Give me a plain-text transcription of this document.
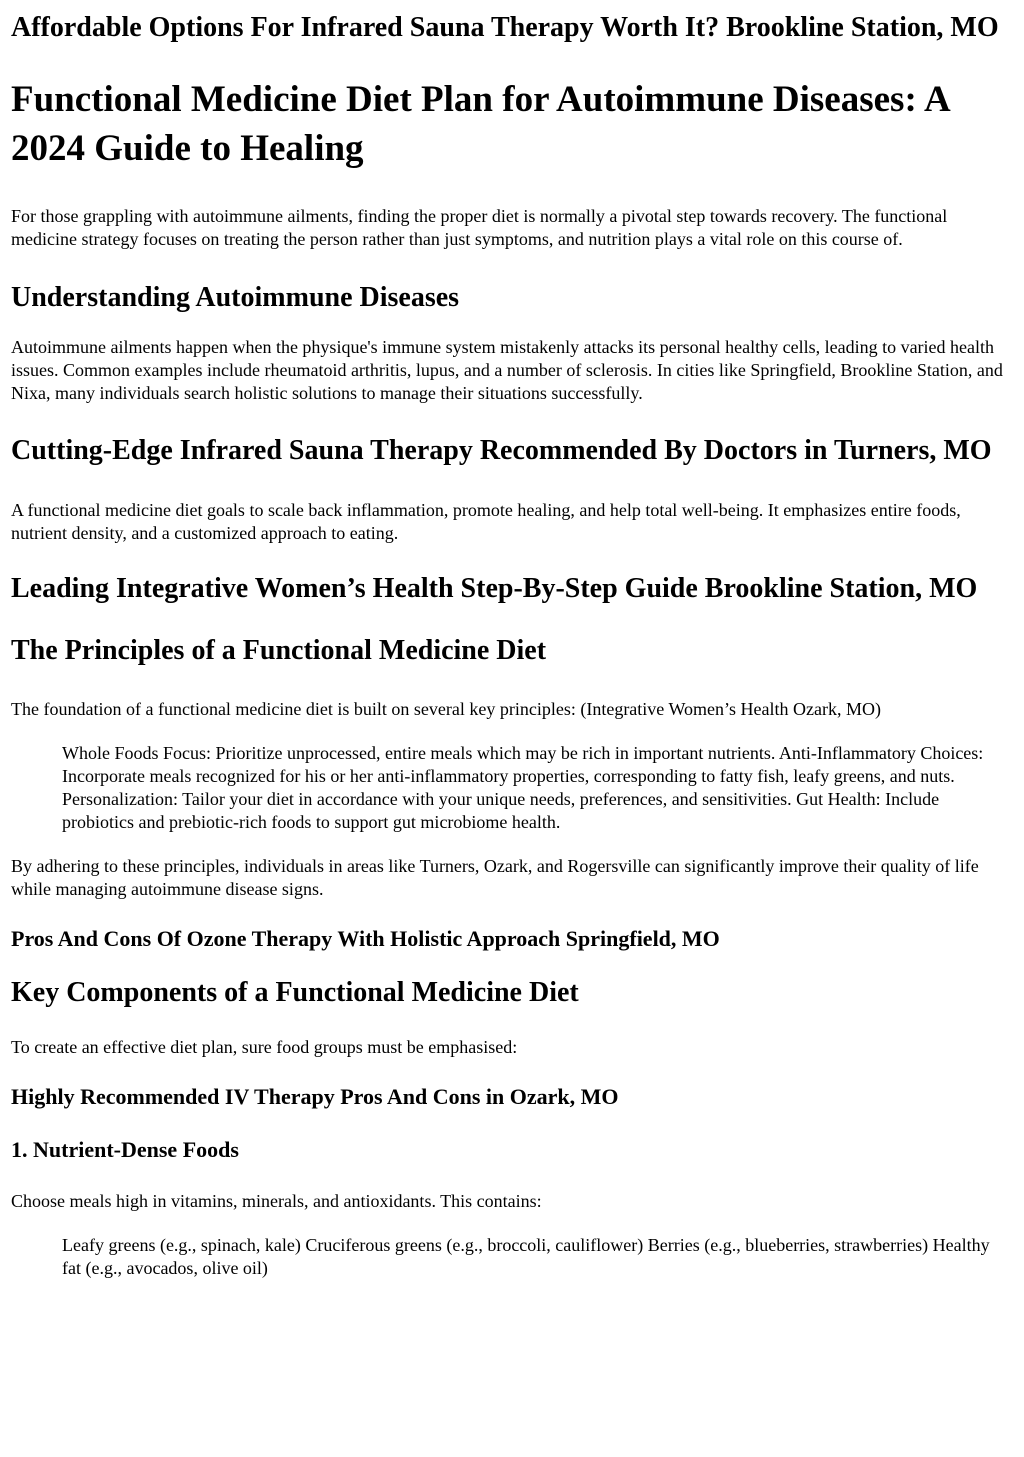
Affordable Options For Infrared Sauna Therapy Worth It? Brookline Station, MO
Functional Medicine Diet Plan for Autoimmune Diseases: A 2024 Guide to Healing

For those grappling with autoimmune ailments, finding the proper diet is normally a pivotal step towards recovery. The functional medicine strategy focuses on treating the person rather than just symptoms, and nutrition plays a vital role on this course of.

Understanding Autoimmune Diseases

Autoimmune ailments happen when the physique's immune system mistakenly attacks its personal healthy cells, leading to varied health issues. Common examples include rheumatoid arthritis, lupus, and a number of sclerosis. In cities like Springfield, Brookline Station, and Nixa, many individuals search holistic solutions to manage their situations successfully.

Cutting-Edge Infrared Sauna Therapy Recommended By Doctors in Turners, MO

A functional medicine diet goals to scale back inflammation, promote healing, and help total well-being. It emphasizes entire foods, nutrient density, and a customized approach to eating.

Leading Integrative Women’s Health Step-By-Step Guide Brookline Station, MO
The Principles of a Functional Medicine Diet

The foundation of a functional medicine diet is built on several key principles: (Integrative Women’s Health Ozark, MO)

Whole Foods Focus: Prioritize unprocessed, entire meals which may be rich in important nutrients. Anti-Inflammatory Choices: Incorporate meals recognized for his or her anti-inflammatory properties, corresponding to fatty fish, leafy greens, and nuts. Personalization: Tailor your diet in accordance with your unique needs, preferences, and sensitivities. Gut Health: Include probiotics and prebiotic-rich foods to support gut microbiome health.

By adhering to these principles, individuals in areas like Turners, Ozark, and Rogersville can significantly improve their quality of life while managing autoimmune disease signs.

Pros And Cons Of Ozone Therapy With Holistic Approach Springfield, MO
Key Components of a Functional Medicine Diet

To create an effective diet plan, sure food groups must be emphasised:

Highly Recommended IV Therapy Pros And Cons in Ozark, MO
1. Nutrient-Dense Foods

Choose meals high in vitamins, minerals, and antioxidants. This contains:

Leafy greens (e.g., spinach, kale) Cruciferous greens (e.g., broccoli, cauliflower) Berries (e.g., blueberries, strawberries) Healthy fat (e.g., avocados, olive oil)
